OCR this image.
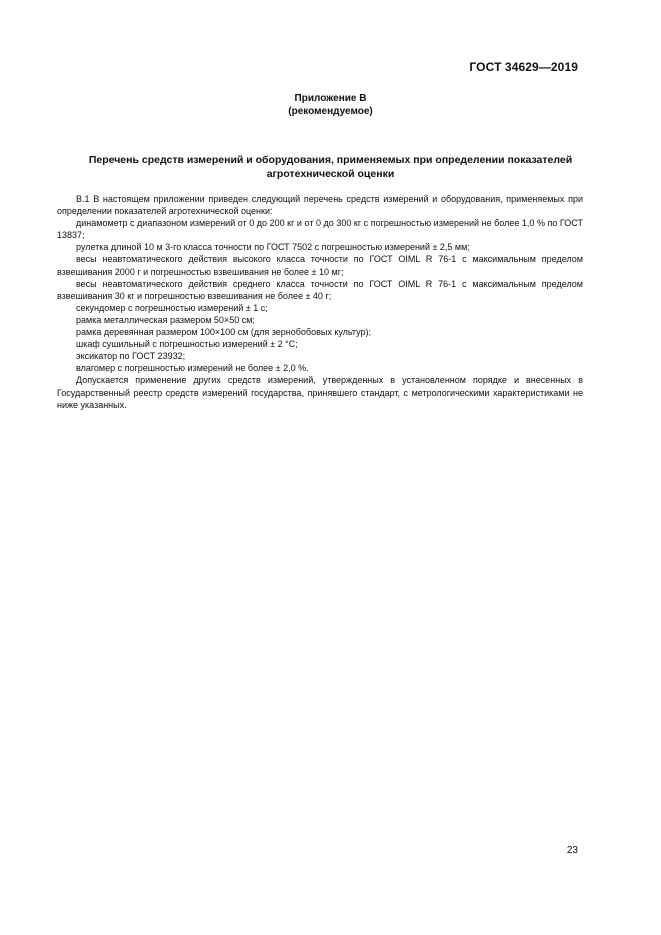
ГОСТ 34629—2019
Приложение В
(рекомендуемое)
Перечень средств измерений и оборудования, применяемых при определении показателей
агротехнической оценки

В.1 В настоящем приложении приведен следующий перечень средств измерений и оборудования, применяемых при определении показателей агротехнической оценки:

динамометр с диапазоном измерений от 0 до 200 кг и от 0 до 300 кг с погрешностью измерений не более 1,0 % по ГОСТ 13837;

рулетка длиной 10 м 3-го класса точности по ГОСТ 7502 с погрешностью измерений ± 2,5 мм;

весы неавтоматического действия высокого класса точности по ГОСТ OIML R 76-1 с максимальным пределом взвешивания 2000 г и погрешностью взвешивания не более ± 10 мг;

весы неавтоматического действия среднего класса точности по ГОСТ OIML R 76-1 с максимальным пределом взвешивания 30 кг и погрешностью взвешивания не более ± 40 г;

секундомер с погрешностью измерений ± 1 с;

рамка металлическая размером 50×50 см;

рамка деревянная размером 100×100 см (для зернобобовых культур);

шкаф сушильный с погрешностью измерений ± 2 °С;

эксикатор по ГОСТ 23932;

влагомер с погрешностью измерений не более ± 2,0 %.

Допускается применение других средств измерений, утвержденных в установленном порядке и внесенных в Государственный реестр средств измерений государства, принявшего стандарт, с метрологическими характеристиками не ниже указанных.

23
